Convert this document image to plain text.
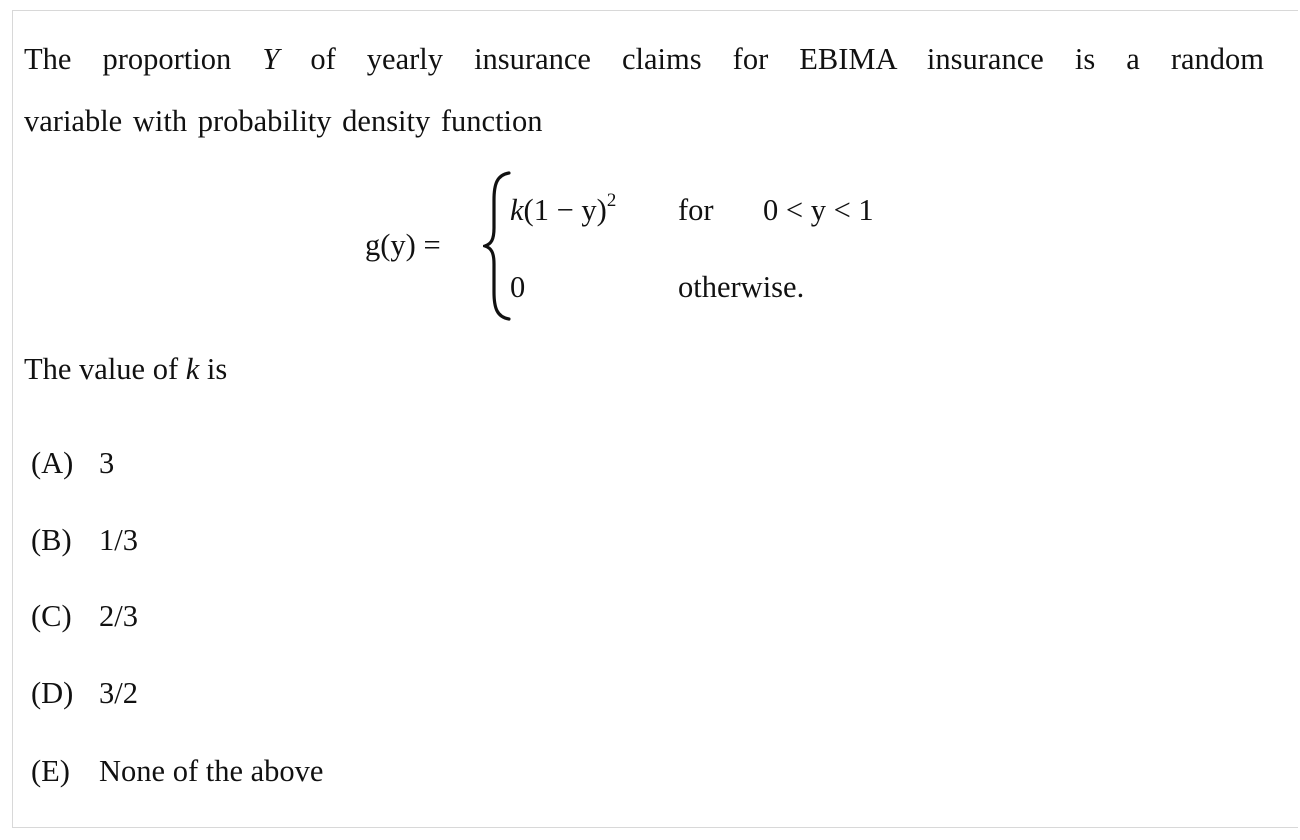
The proportion Y of yearly insurance claims for EBIMA insurance is a random
variable with probability density function
g(y) =
$k(1 - y)^2$ for 0 < y < 1
0	otherwise.
The value of k is
(A) 3
(B) 1/3
(C) 2/3
(D) 3/2
(E) None of the above
